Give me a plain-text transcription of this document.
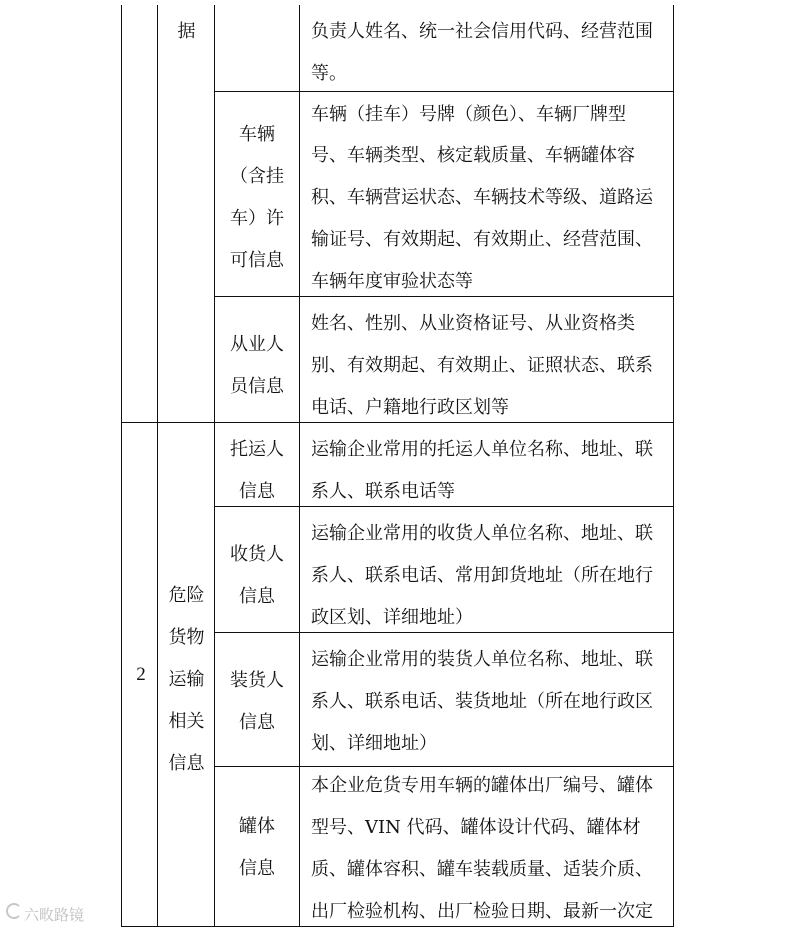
据	负责人姓名、统一社会信用代码、经营范围
等。
车辆
（含挂
车）许
可信息
车辆（挂车）号牌（颜色）、车辆厂牌型
号、车辆类型、核定载质量、车辆罐体容
积、车辆营运状态、车辆技术等级、道路运
输证号、有效期起、有效期止、经营范围、
车辆年度审验状态等
从业人
员信息
姓名、性别、从业资格证号、从业资格类
别、有效期起、有效期止、证照状态、联系
电话、户籍地行政区划等
2
危险
货物
运输
相关
信息
托运人
信息
运输企业常用的托运人单位名称、地址、联
系人、联系电话等
收货人
信息
运输企业常用的收货人单位名称、地址、联
系人、联系电话、常用卸货地址（所在地行
政区划、详细地址）
装货人
信息
运输企业常用的装货人单位名称、地址、联
系人、联系电话、装货地址（所在地行政区
划、详细地址）
罐体
信息
本企业危货专用车辆的罐体出厂编号、罐体
型号、VIN 代码、罐体设计代码、罐体材
质、罐体容积、罐车装载质量、适装介质、
出厂检验机构、出厂检验日期、最新一次定
六畋路镜
